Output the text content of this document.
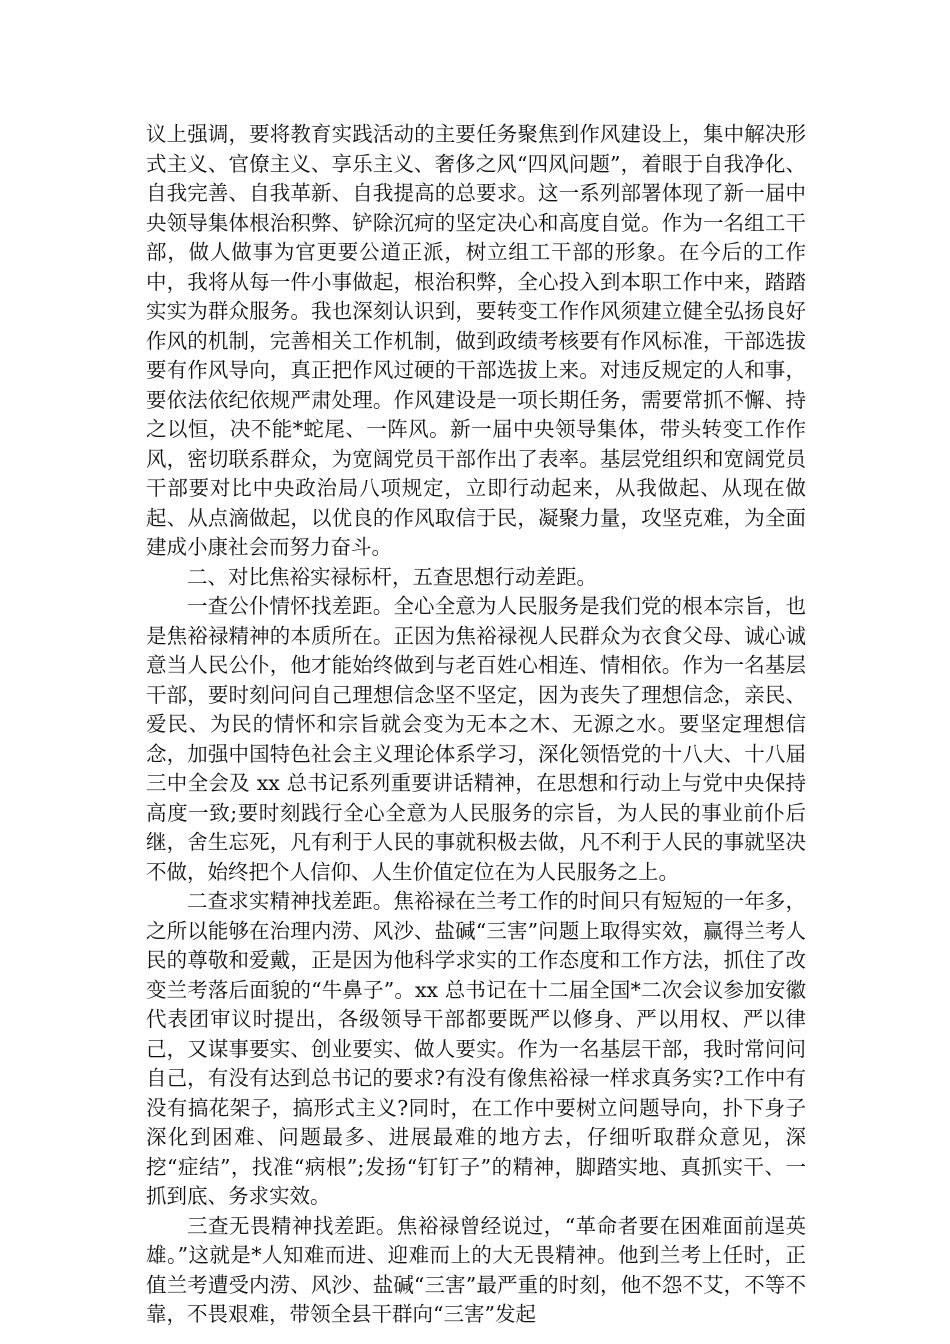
议上强调，要将教育实践活动的主要任务聚焦到作风建设上，集中解决形式主义、官僚主义、享乐主义、奢侈之风“四风问题”，着眼于自我净化、自我完善、自我革新、自我提高的总要求。这一系列部署体现了新一届中央领导集体根治积弊、铲除沉疴的坚定决心和高度自觉。作为一名组工干部，做人做事为官更要公道正派，树立组工干部的形象。在今后的工作中，我将从每一件小事做起，根治积弊，全心投入到本职工作中来，踏踏实实为群众服务。我也深刻认识到，要转变工作作风须建立健全弘扬良好作风的机制，完善相关工作机制，做到政绩考核要有作风标准，干部选拔要有作风导向，真正把作风过硬的干部选拔上来。对违反规定的人和事，要依法依纪依规严肃处理。作风建设是一项长期任务，需要常抓不懈、持之以恒，决不能*蛇尾、一阵风。新一届中央领导集体，带头转变工作作风，密切联系群众，为宽阔党员干部作出了表率。基层党组织和宽阔党员干部要对比中央政治局八项规定，立即行动起来，从我做起、从现在做起、从点滴做起，以优良的作风取信于民，凝聚力量，攻坚克难，为全面建成小康社会而努力奋斗。

二、对比焦裕实禄标杆，五查思想行动差距。

一查公仆情怀找差距。全心全意为人民服务是我们党的根本宗旨，也是焦裕禄精神的本质所在。正因为焦裕禄视人民群众为衣食父母、诚心诚意当人民公仆，他才能始终做到与老百姓心相连、情相依。作为一名基层干部，要时刻问问自己理想信念坚不坚定，因为丧失了理想信念，亲民、爱民、为民的情怀和宗旨就会变为无本之木、无源之水。要坚定理想信念，加强中国特色社会主义理论体系学习，深化领悟党的十八大、十八届三中全会及 xx 总书记系列重要讲话精神，在思想和行动上与党中央保持高度一致;要时刻践行全心全意为人民服务的宗旨，为人民的事业前仆后继，舍生忘死，凡有利于人民的事就积极去做，凡不利于人民的事就坚决不做，始终把个人信仰、人生价值定位在为人民服务之上。

二查求实精神找差距。焦裕禄在兰考工作的时间只有短短的一年多，之所以能够在治理内涝、风沙、盐碱“三害”问题上取得实效，赢得兰考人民的尊敬和爱戴，正是因为他科学求实的工作态度和工作方法，抓住了改变兰考落后面貌的“牛鼻子”。xx 总书记在十二届全国*二次会议参加安徽代表团审议时提出，各级领导干部都要既严以修身、严以用权、严以律己，又谋事要实、创业要实、做人要实。作为一名基层干部，我时常问问自己，有没有达到总书记的要求?有没有像焦裕禄一样求真务实?工作中有没有搞花架子，搞形式主义?同时，在工作中要树立问题导向，扑下身子深化到困难、问题最多、进展最难的地方去，仔细听取群众意见，深挖“症结”，找准“病根”;发扬“钉钉子”的精神，脚踏实地、真抓实干、一抓到底、务求实效。

三查无畏精神找差距。焦裕禄曾经说过，“革命者要在困难面前逞英雄。”这就是*人知难而进、迎难而上的大无畏精神。他到兰考上任时，正值兰考遭受内涝、风沙、盐碱“三害”最严重的时刻，他不怨不艾，不等不靠，不畏艰难，带领全县干群向“三害”发起
